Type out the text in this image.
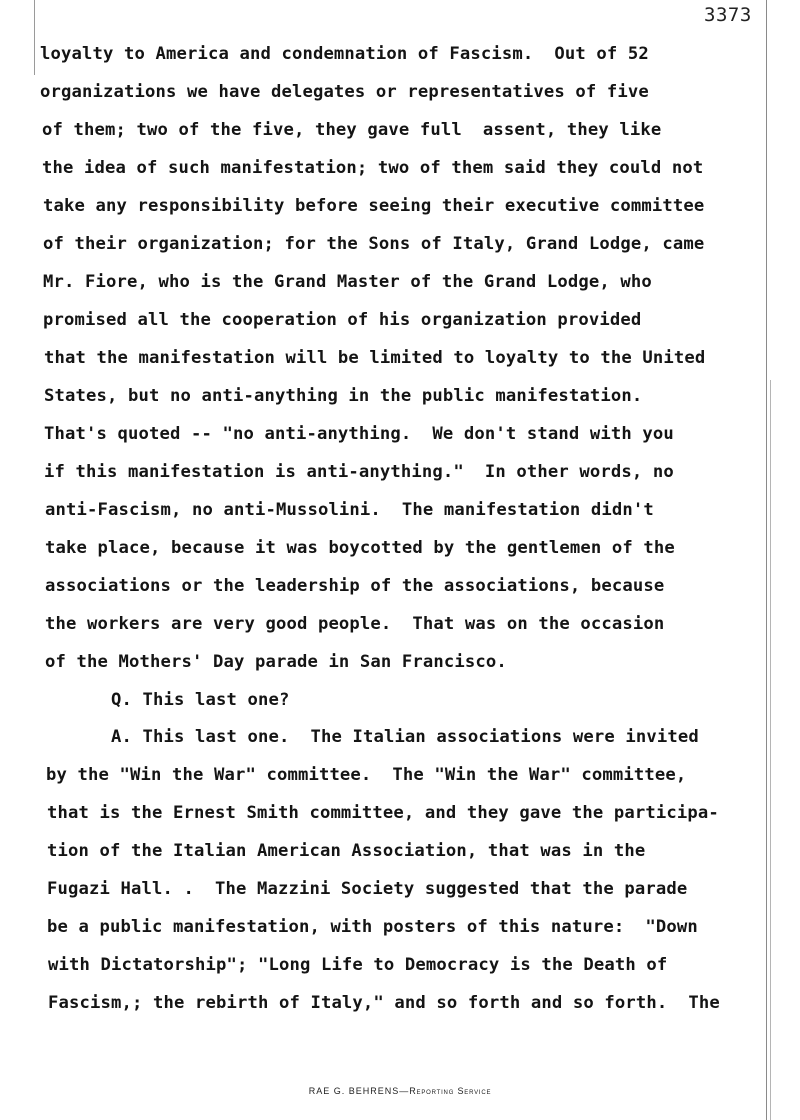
3373
loyalty to America and condemnation of Fascism.  Out of 52
organizations we have delegates or representatives of five
of them; two of the five, they gave full  assent, they like
the idea of such manifestation; two of them said they could not
take any responsibility before seeing their executive committee
of their organization; for the Sons of Italy, Grand Lodge, came
Mr. Fiore, who is the Grand Master of the Grand Lodge, who
promised all the cooperation of his organization provided
that the manifestation will be limited to loyalty to the United
States, but no anti-anything in the public manifestation.
That's quoted -- "no anti-anything.  We don't stand with you
if this manifestation is anti-anything."  In other words, no
anti-Fascism, no anti-Mussolini.  The manifestation didn't
take place, because it was boycotted by the gentlemen of the
associations or the leadership of the associations, because
the workers are very good people.  That was on the occasion
of the Mothers' Day parade in San Francisco.
Q. This last one?
A. This last one.  The Italian associations were invited
by the "Win the War" committee.  The "Win the War" committee,
that is the Ernest Smith committee, and they gave the participa-
tion of the Italian American Association, that was in the
Fugazi Hall. .  The Mazzini Society suggested that the parade
be a public manifestation, with posters of this nature:  "Down
with Dictatorship"; "Long Life to Democracy is the Death of
Fascism,; the rebirth of Italy," and so forth and so forth.  The
RAE G. BEHRENS—Reporting Service
